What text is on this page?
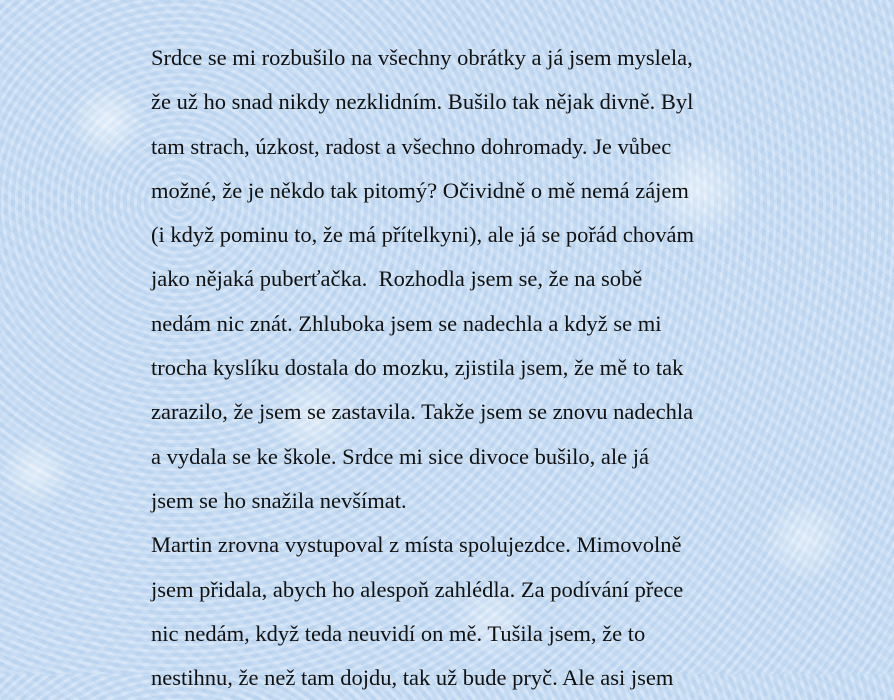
Srdce se mi rozbušilo na všechny obrátky a já jsem myslela,
že už ho snad nikdy nezklidním. Bušilo tak nějak divně. Byl
tam strach, úzkost, radost a všechno dohromady. Je vůbec
možné, že je někdo tak pitomý? Očividně o mě nemá zájem
(i když pominu to, že má přítelkyni), ale já se pořád chovám
jako nějaká puberťačka.  Rozhodla jsem se, že na sobě
nedám nic znát. Zhluboka jsem se nadechla a když se mi
trocha kyslíku dostala do mozku, zjistila jsem, že mě to tak
zarazilo, že jsem se zastavila. Takže jsem se znovu nadechla
a vydala se ke škole. Srdce mi sice divoce bušilo, ale já
jsem se ho snažila nevšímat.
Martin zrovna vystupoval z místa spolujezdce. Mimovolně
jsem přidala, abych ho alespoň zahlédla. Za podívání přece
nic nedám, když teda neuvidí on mě. Tušila jsem, že to
nestihnu, že než tam dojdu, tak už bude pryč. Ale asi jsem
